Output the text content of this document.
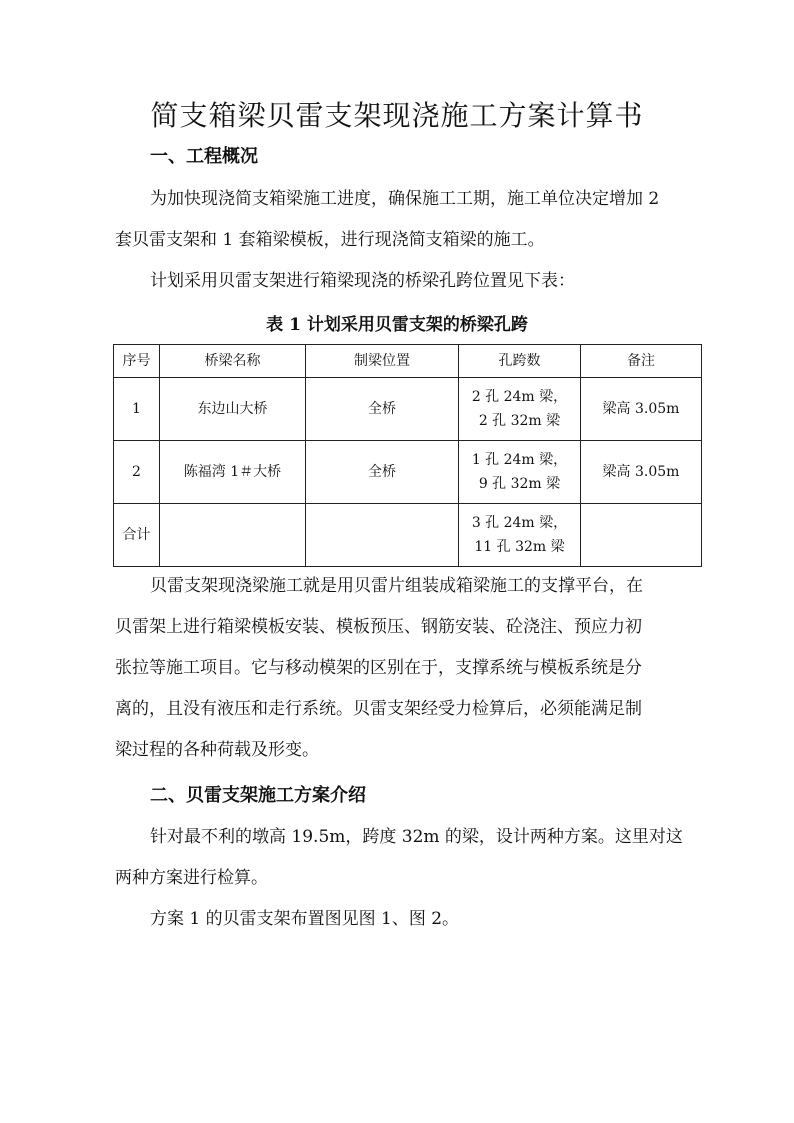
简支箱梁贝雷支架现浇施工方案计算书
一、工程概况
为加快现浇简支箱梁施工进度，确保施工工期，施工单位决定增加 2
套贝雷支架和 1 套箱梁模板，进行现浇简支箱梁的施工。
计划采用贝雷支架进行箱梁现浇的桥梁孔跨位置见下表：
表 1 计划采用贝雷支架的桥梁孔跨
序号	桥梁名称	制梁位置	孔跨数	备注
1	东边山大桥	全桥	2 孔 24m 梁，
2 孔 32m 梁	梁高 3.05m
2	陈福湾 1＃大桥	全桥	1 孔 24m 梁，
9 孔 32m 梁	梁高 3.05m
合计			3 孔 24m 梁，
11 孔 32m 梁	

贝雷支架现浇梁施工就是用贝雷片组装成箱梁施工的支撑平台，在
贝雷架上进行箱梁模板安装、模板预压、钢筋安装、砼浇注、预应力初
张拉等施工项目。它与移动模架的区别在于，支撑系统与模板系统是分
离的，且没有液压和走行系统。贝雷支架经受力检算后，必须能满足制
梁过程的各种荷载及形变。
二、贝雷支架施工方案介绍
针对最不利的墩高 19.5m，跨度 32m 的梁，设计两种方案。这里对这
两种方案进行检算。
方案 1 的贝雷支架布置图见图 1、图 2。
